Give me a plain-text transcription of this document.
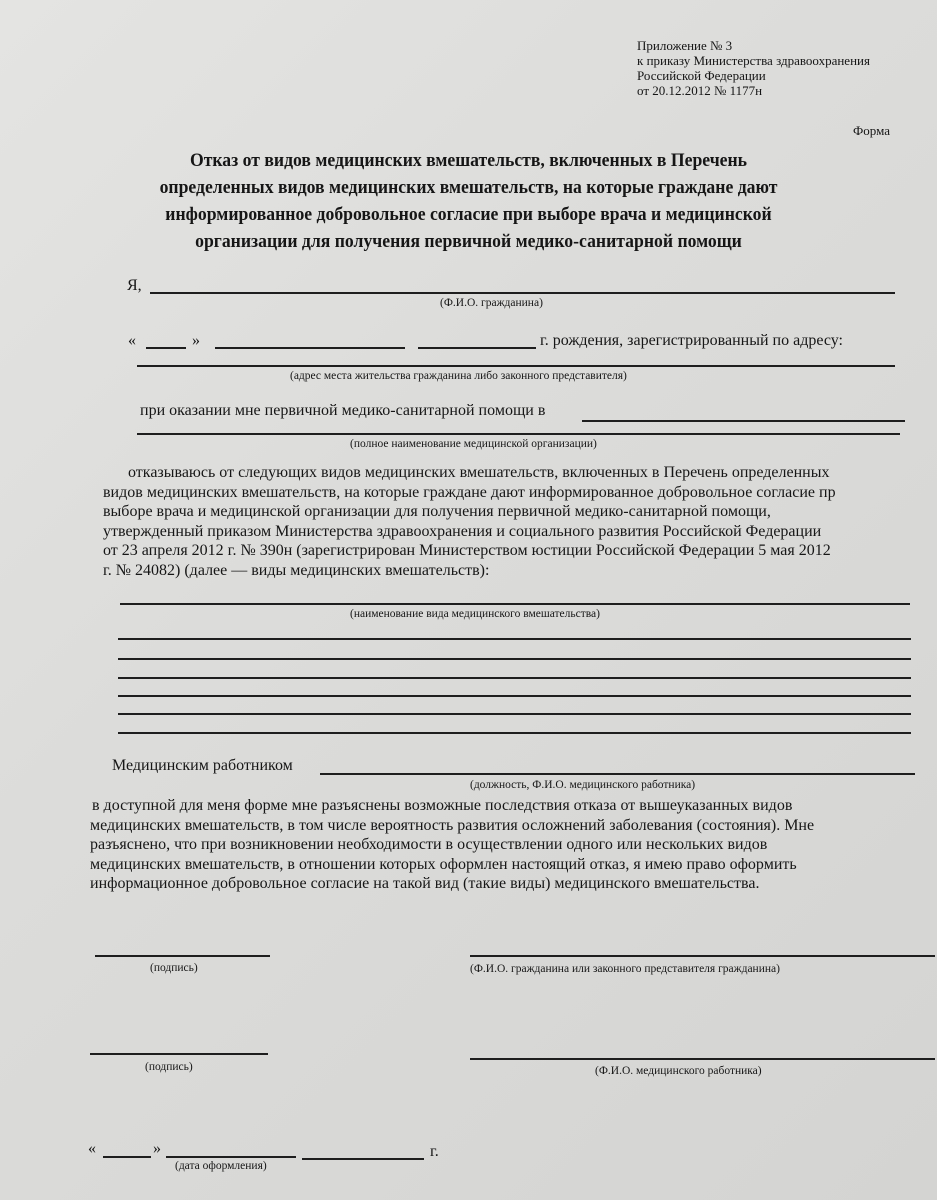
Приложение № 3
к приказу Министерства здравоохранения
Российской Федерации
от 20.12.2012 № 1177н
Форма
Отказ от видов медицинских вмешательств, включенных в Перечень
определенных видов медицинских вмешательств, на которые граждане дают
информированное добровольное согласие при выборе врача и медицинской
организации для получения первичной медико-санитарной помощи
Я,
(Ф.И.О. гражданина)
«	»	г. рождения, зарегистрированный по адресу:
(адрес места жительства гражданина либо законного представителя)
при оказании мне первичной медико-санитарной помощи в
(полное наименование медицинской организации)
отказываюсь от следующих видов медицинских вмешательств, включенных в Перечень определенных
видов медицинских вмешательств, на которые граждане дают информированное добровольное согласие пр
выборе врача и медицинской организации для получения первичной медико-санитарной помощи,
утвержденный приказом Министерства здравоохранения и социального развития Российской Федерации
от 23 апреля 2012 г. № 390н (зарегистрирован Министерством юстиции Российской Федерации 5 мая 2012
г. № 24082) (далее — виды медицинских вмешательств):
(наименование вида медицинского вмешательства)
Медицинским работником
(должность, Ф.И.О. медицинского работника)
в доступной для меня форме мне разъяснены возможные последствия отказа от вышеуказанных видов
медицинских вмешательств, в том числе вероятность развития осложнений заболевания (состояния). Мне
разъяснено, что при возникновении необходимости в осуществлении одного или нескольких видов
медицинских вмешательств, в отношении которых оформлен настоящий отказ, я имею право оформить
информационное добровольное согласие на такой вид (такие виды) медицинского вмешательства.
(подпись)	(Ф.И.О. гражданина или законного представителя гражданина)
(подпись)	(Ф.И.О. медицинского работника)
«	»	г.
(дата оформления)
